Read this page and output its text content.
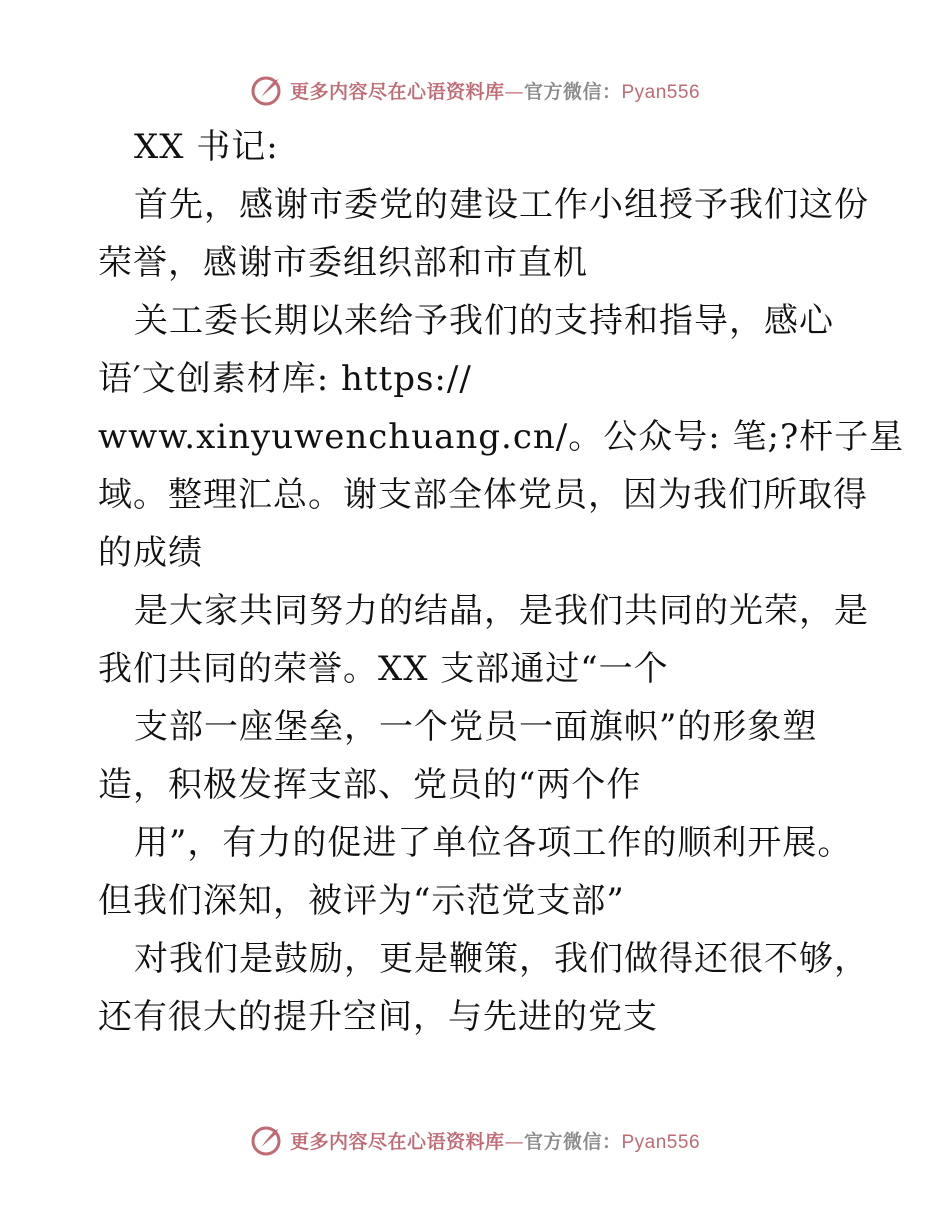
更多内容尽在心语资料库—官方微信：Pyan556
XX 书记:
首先，感谢市委党的建设工作小组授予我们这份
荣誉，感谢市委组织部和市直机
关工委长期以来给予我们的支持和指导，感心
语′文创素材库: https://
www.xinyuwenchuang.cn/。公众号: 笔;?杆子星
域。整理汇总。谢支部全体党员，因为我们所取得
的成绩
是大家共同努力的结晶，是我们共同的光荣，是
我们共同的荣誉。XX 支部通过“一个
支部一座堡垒，一个党员一面旗帜”的形象塑
造，积极发挥支部、党员的“两个作
用”，有力的促进了单位各项工作的顺利开展。
但我们深知，被评为“示范党支部”
对我们是鼓励，更是鞭策，我们做得还很不够，
还有很大的提升空间，与先进的党支
更多内容尽在心语资料库—官方微信：Pyan556
